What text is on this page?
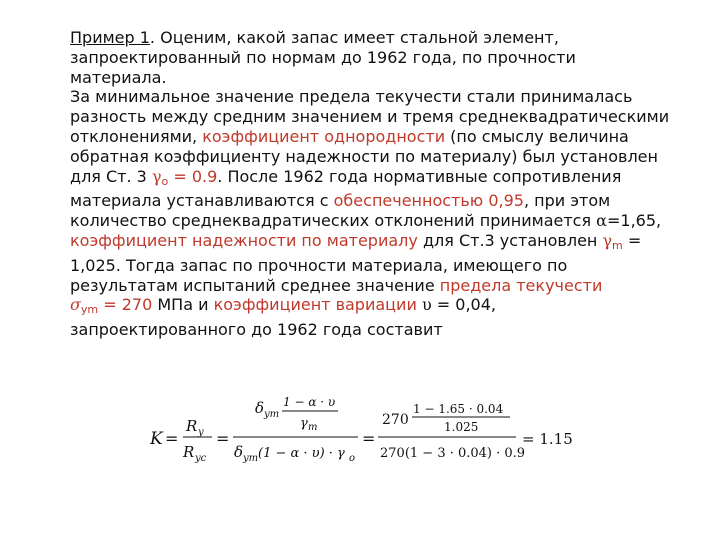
Пример 1. Оценим, какой запас имеет стальной элемент, запроектированный по нормам до 1962 года, по прочности материала.

За минимальное значение предела текучести стали принималась разность между средним значением и тремя среднеквадратическими отклонениями, коэффициент однородности (по смыслу величина обратная коэффициенту надежности по материалу) был установлен для Ст. 3 $\gamma_o = 0.9$. После 1962 года нормативные сопротивления материала устанавливаются с обеспеченностью 0,95, при этом количество среднеквадратических отклонений принимается α=1,65, коэффициент надежности по материалу для Ст.3 установлен $\gamma_m = 1,025$. Тогда запас по прочности материала, имеющего по результатам испытаний среднее значение предела текучести
$\sigma_{ym} = 270$ МПа и коэффициент вариации υ = 0,04, запроектированного до 1962 года составит

K =
R y
R yc
=
δ ym
1 − α · υ
γ m
δ ym (1 − α · υ) · γ o
=
270
1 − 1.65 · 0.04
1.025
270(1 − 3 · 0.04) · 0.9
= 1.15
